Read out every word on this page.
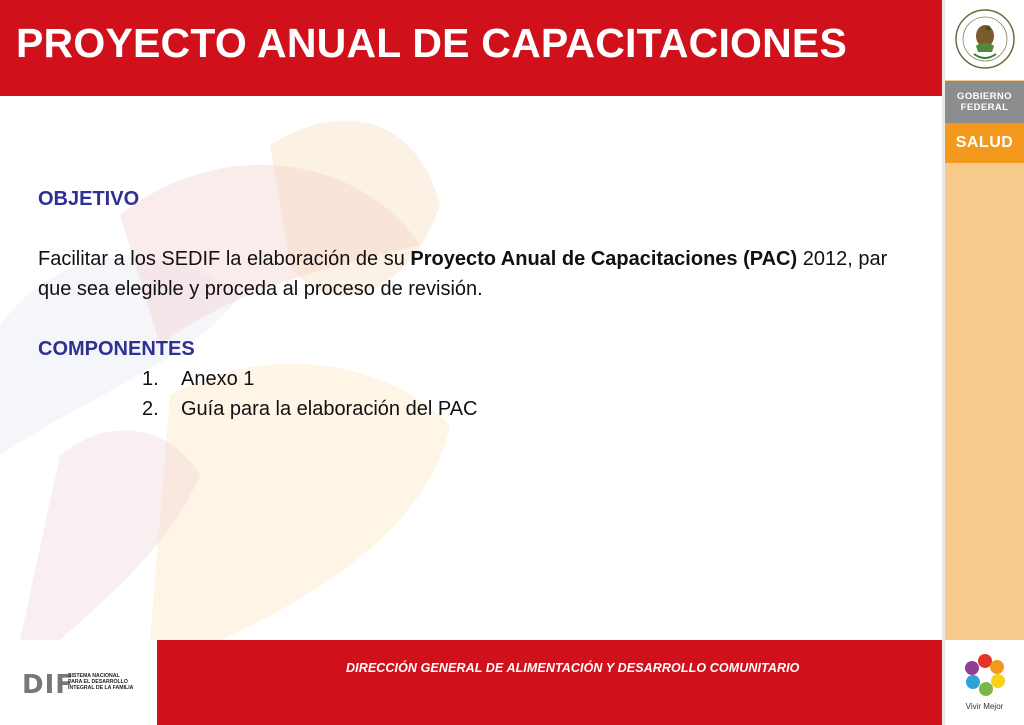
PROYECTO ANUAL DE CAPACITACIONES
GOBIERNO
FEDERAL
SALUD
OBJETIVO
Facilitar a los SEDIF la elaboración de su Proyecto Anual de Capacitaciones (PAC) 2012, par que sea elegible y proceda al proceso de revisión.
COMPONENTES
1.	Anexo 1
2.	Guía para la elaboración del PAC
DIF
SISTEMA NACIONAL
PARA EL DESARROLLO
INTEGRAL DE LA FAMILIA
DIRECCIÓN GENERAL DE ALIMENTACIÓN Y DESARROLLO COMUNITARIO
Vivir Mejor
